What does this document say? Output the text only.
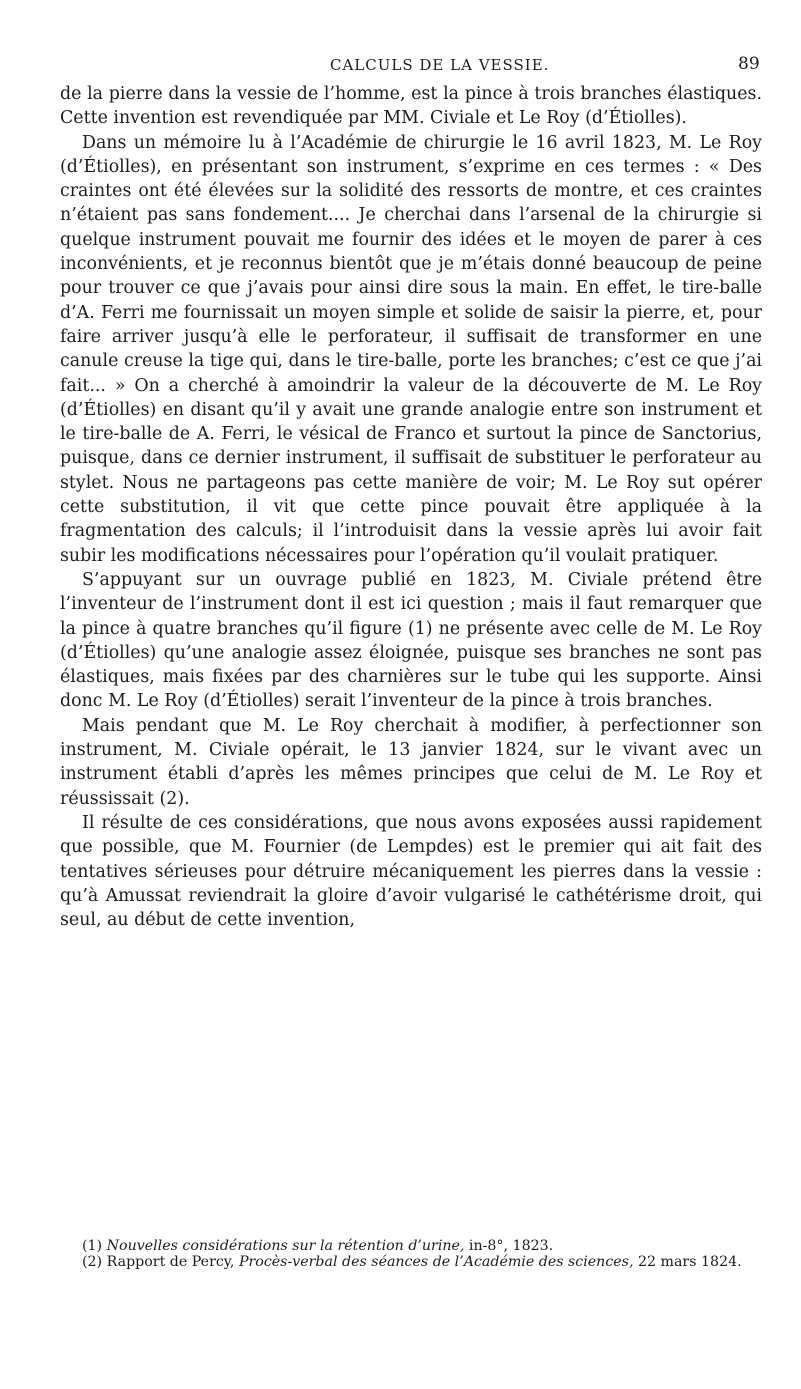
CALCULS DE LA VESSIE.	89

de la pierre dans la vessie de l’homme, est la pince à trois branches élastiques. Cette invention est revendiquée par MM. Civiale et Le Roy (d’Étiolles).

Dans un mémoire lu à l’Académie de chirurgie le 16 avril 1823, M. Le Roy (d’Étiolles), en présentant son instrument, s’exprime en ces termes : « Des craintes ont été élevées sur la solidité des ressorts de montre, et ces craintes n’étaient pas sans fondement.... Je cherchai dans l’arsenal de la chirurgie si quelque instrument pouvait me fournir des idées et le moyen de parer à ces inconvénients, et je reconnus bientôt que je m’étais donné beaucoup de peine pour trouver ce que j’avais pour ainsi dire sous la main. En effet, le tire-balle d’A. Ferri me fournissait un moyen simple et solide de saisir la pierre, et, pour faire arriver jusqu’à elle le perforateur, il suffisait de transformer en une canule creuse la tige qui, dans le tire-balle, porte les branches; c’est ce que j’ai fait... » On a cherché à amoindrir la valeur de la découverte de M. Le Roy (d’Étiolles) en disant qu’il y avait une grande analogie entre son instrument et le tire-balle de A. Ferri, le vésical de Franco et surtout la pince de Sanctorius, puisque, dans ce dernier instrument, il suffisait de substituer le perforateur au stylet. Nous ne partageons pas cette manière de voir; M. Le Roy sut opérer cette substitution, il vit que cette pince pouvait être appliquée à la fragmentation des calculs; il l’introduisit dans la vessie après lui avoir fait subir les modifications nécessaires pour l’opération qu’il voulait pratiquer.

S’appuyant sur un ouvrage publié en 1823, M. Civiale prétend être l’inventeur de l’instrument dont il est ici question ; mais il faut remarquer que la pince à quatre branches qu’il figure (1) ne présente avec celle de M. Le Roy (d’Étiolles) qu’une analogie assez éloignée, puisque ses branches ne sont pas élastiques, mais fixées par des charnières sur le tube qui les supporte. Ainsi donc M. Le Roy (d’Étiolles) serait l’inventeur de la pince à trois branches.

Mais pendant que M. Le Roy cherchait à modifier, à perfectionner son instrument, M. Civiale opérait, le 13 janvier 1824, sur le vivant avec un instrument établi d’après les mêmes principes que celui de M. Le Roy et réussissait (2).

Il résulte de ces considérations, que nous avons exposées aussi rapidement que possible, que M. Fournier (de Lempdes) est le premier qui ait fait des tentatives sérieuses pour détruire mécaniquement les pierres dans la vessie : qu’à Amussat reviendrait la gloire d’avoir vulgarisé le cathétérisme droit, qui seul, au début de cette invention,

(1) Nouvelles considérations sur la rétention d’urine, in-8°, 1823.

(2) Rapport de Percy, Procès-verbal des séances de l’Académie des sciences, 22 mars 1824.
